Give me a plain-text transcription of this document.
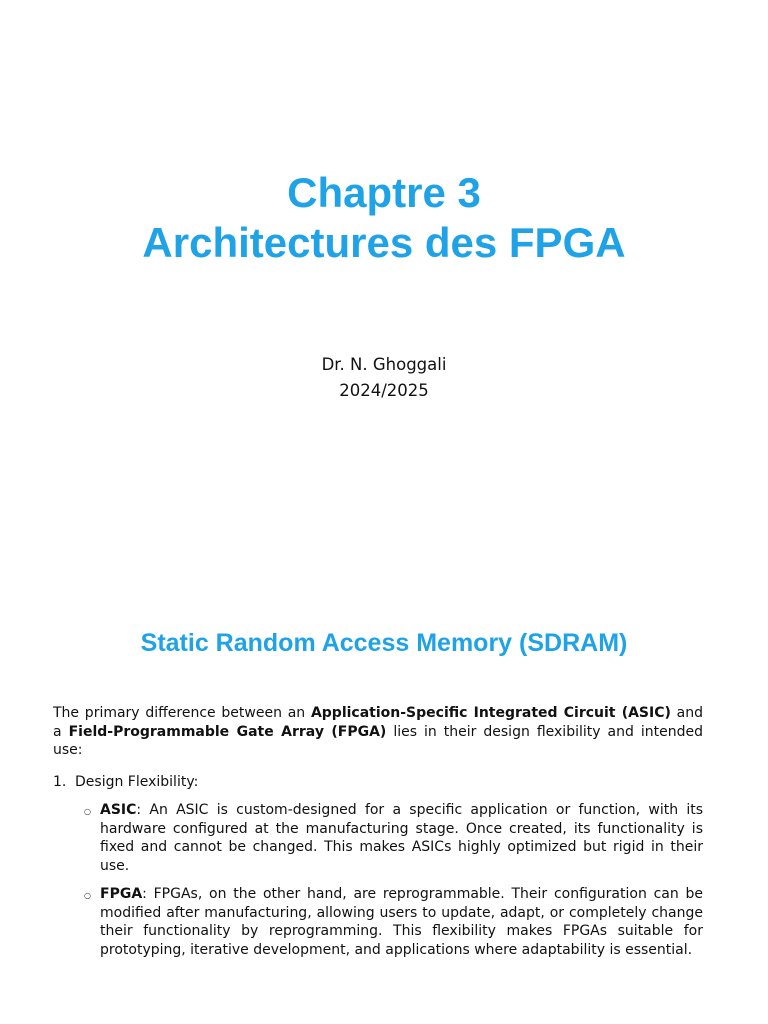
Chaptre 3
Architectures des FPGA
Dr. N. Ghoggali
2024/2025
Static Random Access Memory (SDRAM)

The primary difference between an Application-Specific Integrated Circuit (ASIC) and a Field-Programmable Gate Array (FPGA) lies in their design flexibility and intended use:

1. Design Flexibility:
○ ASIC: An ASIC is custom-designed for a specific application or function, with its hardware configured at the manufacturing stage. Once created, its functionality is fixed and cannot be changed. This makes ASICs highly optimized but rigid in their use.
○ FPGA: FPGAs, on the other hand, are reprogrammable. Their configuration can be modified after manufacturing, allowing users to update, adapt, or completely change their functionality by reprogramming. This flexibility makes FPGAs suitable for prototyping, iterative development, and applications where adaptability is essential.
